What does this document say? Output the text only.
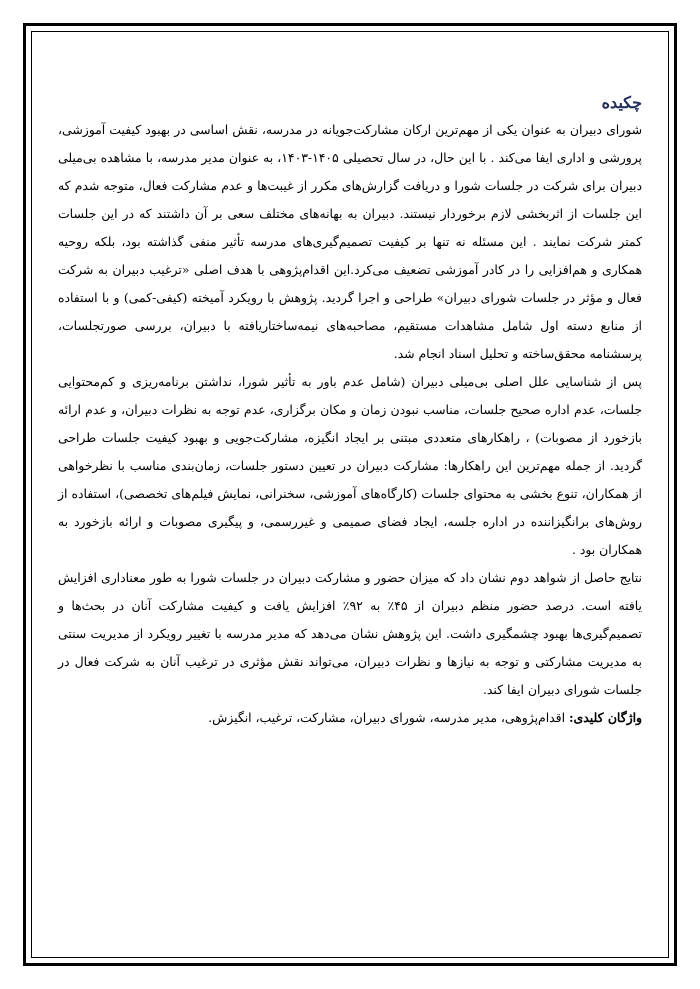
چکیده

شورای دبیران به عنوان یکی از مهم‌ترین ارکان مشارکت‌جویانه در مدرسه، نقش اساسی در بهبود کیفیت آموزشی، پرورشی و اداری ایفا می‌کند . با این حال، در سال تحصیلی ۱۴۰۵-۱۴۰۳، به عنوان مدیر مدرسه، با مشاهده بی‌میلی دبیران برای شرکت در جلسات شورا و دریافت گزارش‌های مکرر از غیبت‌ها و عدم مشارکت فعال، متوجه شدم که این جلسات از اثربخشی لازم برخوردار نیستند. دبیران به بهانه‌های مختلف سعی بر آن داشتند که در این جلسات کمتر شرکت نمایند . این مسئله نه تنها بر کیفیت تصمیم‌گیری‌های مدرسه تأثیر منفی گذاشته بود، بلکه روحیه همکاری و هم‌افزایی را در کادر آموزشی تضعیف می‌کرد.این اقدام‌پژوهی با هدف اصلی «ترغیب دبیران به شرکت فعال و مؤثر در جلسات شورای دبیران» طراحی و اجرا گردید. پژوهش با رویکرد آمیخته (کیفی-کمی) و با استفاده از منابع دسته اول شامل مشاهدات مستقیم، مصاحبه‌های نیمه‌ساختاریافته با دبیران، بررسی صورتجلسات، پرسشنامه محقق‌ساخته و تحلیل اسناد انجام شد.

پس از شناسایی علل اصلی بی‌میلی دبیران (شامل عدم باور به تأثیر شورا، نداشتن برنامه‌ریزی و کم‌محتوایی جلسات، عدم اداره صحیح جلسات، مناسب نبودن زمان و مکان برگزاری، عدم توجه به نظرات دبیران، و عدم ارائه بازخورد از مصوبات) ، راهکارهای متعددی مبتنی بر ایجاد انگیزه، مشارکت‌جویی و بهبود کیفیت جلسات طراحی گردید. از جمله مهم‌ترین این راهکارها: مشارکت دبیران در تعیین دستور جلسات، زمان‌بندی مناسب با نظرخواهی از همکاران، تنوع بخشی به محتوای جلسات (کارگاه‌های آموزشی، سخنرانی، نمایش فیلم‌های تخصصی)، استفاده از روش‌های برانگیزاننده در اداره جلسه، ایجاد فضای صمیمی و غیررسمی، و پیگیری مصوبات و ارائه بازخورد به همکاران بود .

نتایج حاصل از شواهد دوم نشان داد که میزان حضور و مشارکت دبیران در جلسات شورا به طور معناداری افزایش یافته است. درصد حضور منظم دبیران از ۴۵٪ به ۹۲٪ افزایش یافت و کیفیت مشارکت آنان در بحث‌ها و تصمیم‌گیری‌ها بهبود چشمگیری داشت. این پژوهش نشان می‌دهد که مدیر مدرسه با تغییر رویکرد از مدیریت سنتی به مدیریت مشارکتی و توجه به نیازها و نظرات دبیران، می‌تواند نقش مؤثری در ترغیب آنان به شرکت فعال در جلسات شورای دبیران ایفا کند.

واژگان کلیدی: اقدام‌پژوهی، مدیر مدرسه، شورای دبیران، مشارکت، ترغیب، انگیزش.
